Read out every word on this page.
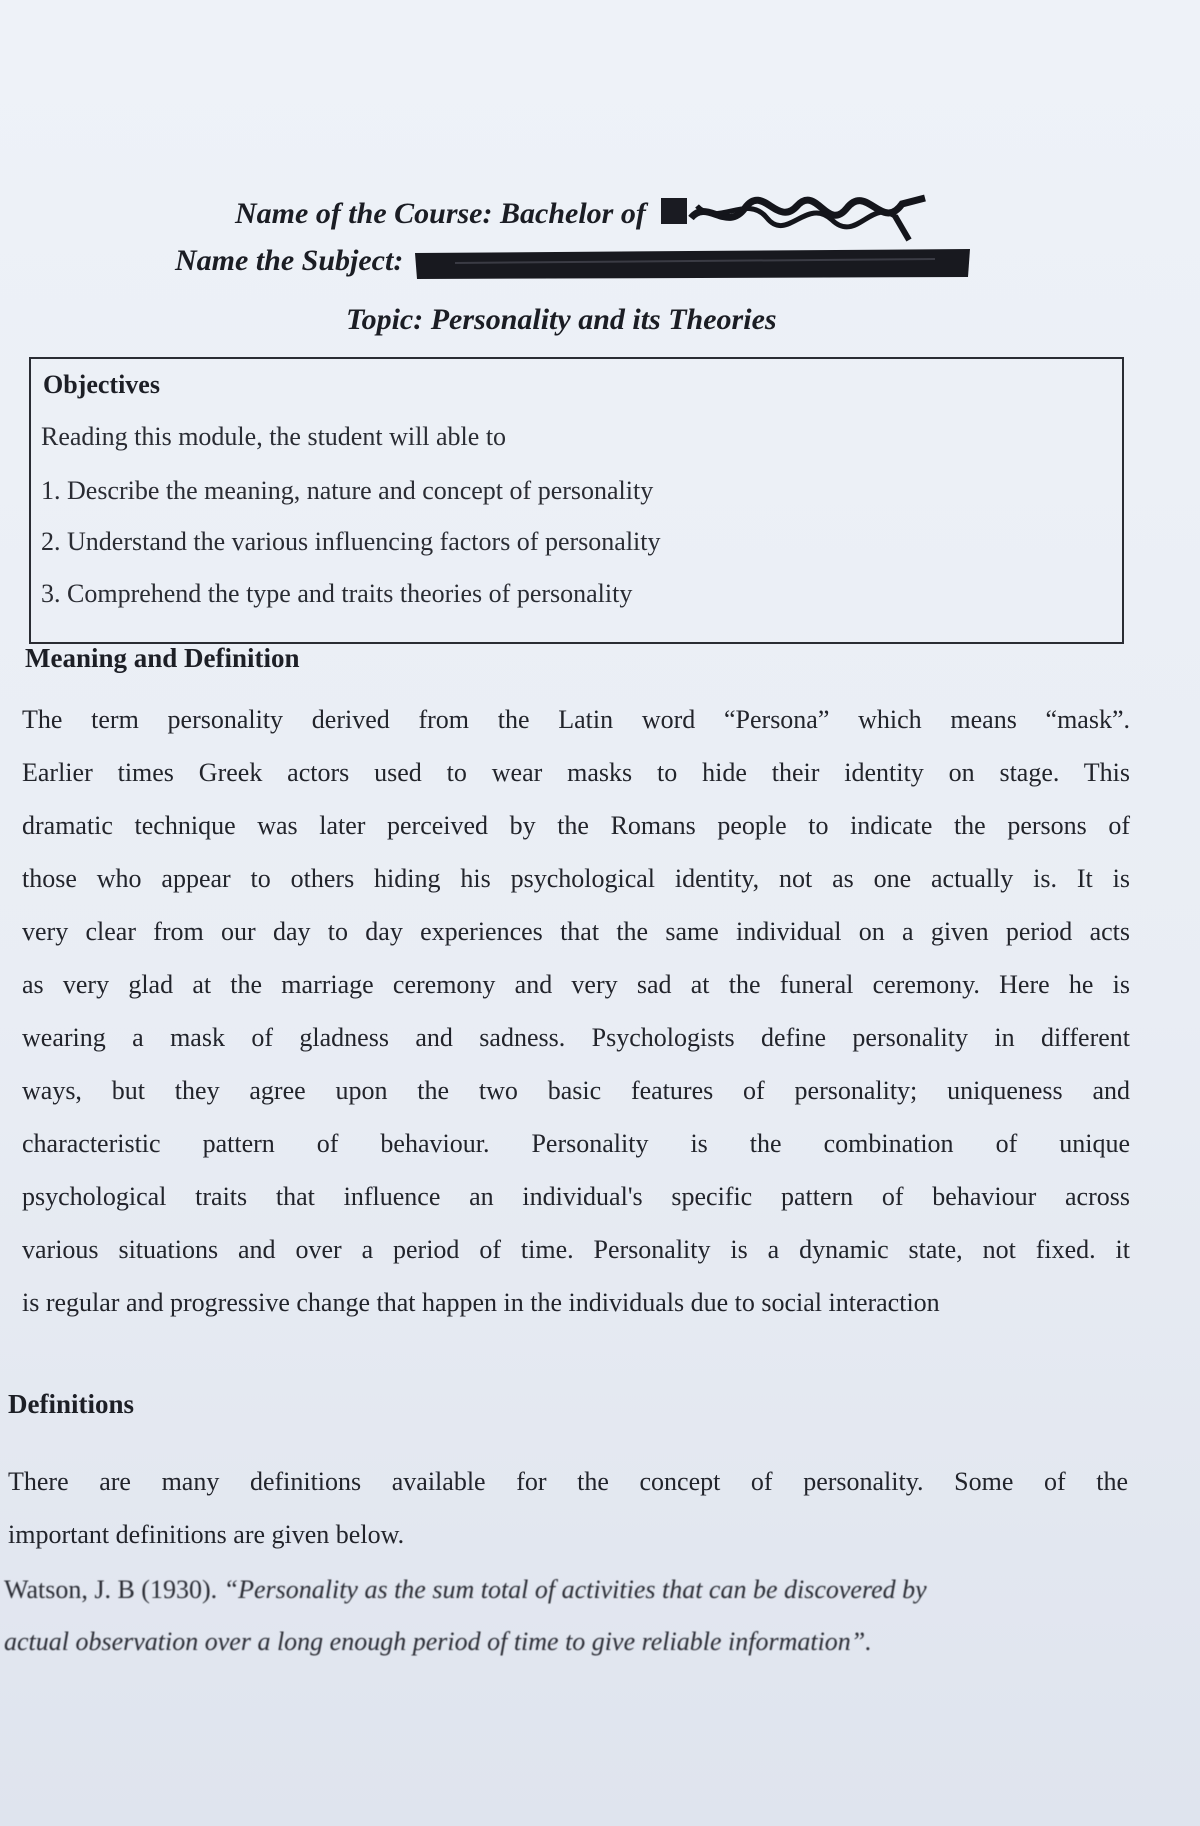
Name of the Course: Bachelor of
Name the Subject:
Topic: Personality and its Theories
Objectives
Reading this module, the student will able to
1. Describe the meaning, nature and concept of personality
2. Understand the various influencing factors of personality
3. Comprehend the type and traits theories of personality
Meaning and Definition
The term personality derived from the Latin word “Persona” which means “mask”.
Earlier times Greek actors used to wear masks to hide their identity on stage. This
dramatic technique was later perceived by the Romans people to indicate the persons of
those who appear to others hiding his psychological identity, not as one actually is. It is
very clear from our day to day experiences that the same individual on a given period acts
as very glad at the marriage ceremony and very sad at the funeral ceremony. Here he is
wearing a mask of gladness and sadness. Psychologists define personality in different
ways, but they agree upon the two basic features of personality; uniqueness and
characteristic pattern of behaviour. Personality is the combination of unique
psychological traits that influence an individual's specific pattern of behaviour across
various situations and over a period of time. Personality is a dynamic state, not fixed. it
is regular and progressive change that happen in the individuals due to social interaction
Definitions
There are many definitions available for the concept of personality. Some of the
important definitions are given below.
Watson, J. B (1930). “Personality as the sum total of activities that can be discovered by
actual observation over a long enough period of time to give reliable information”.
